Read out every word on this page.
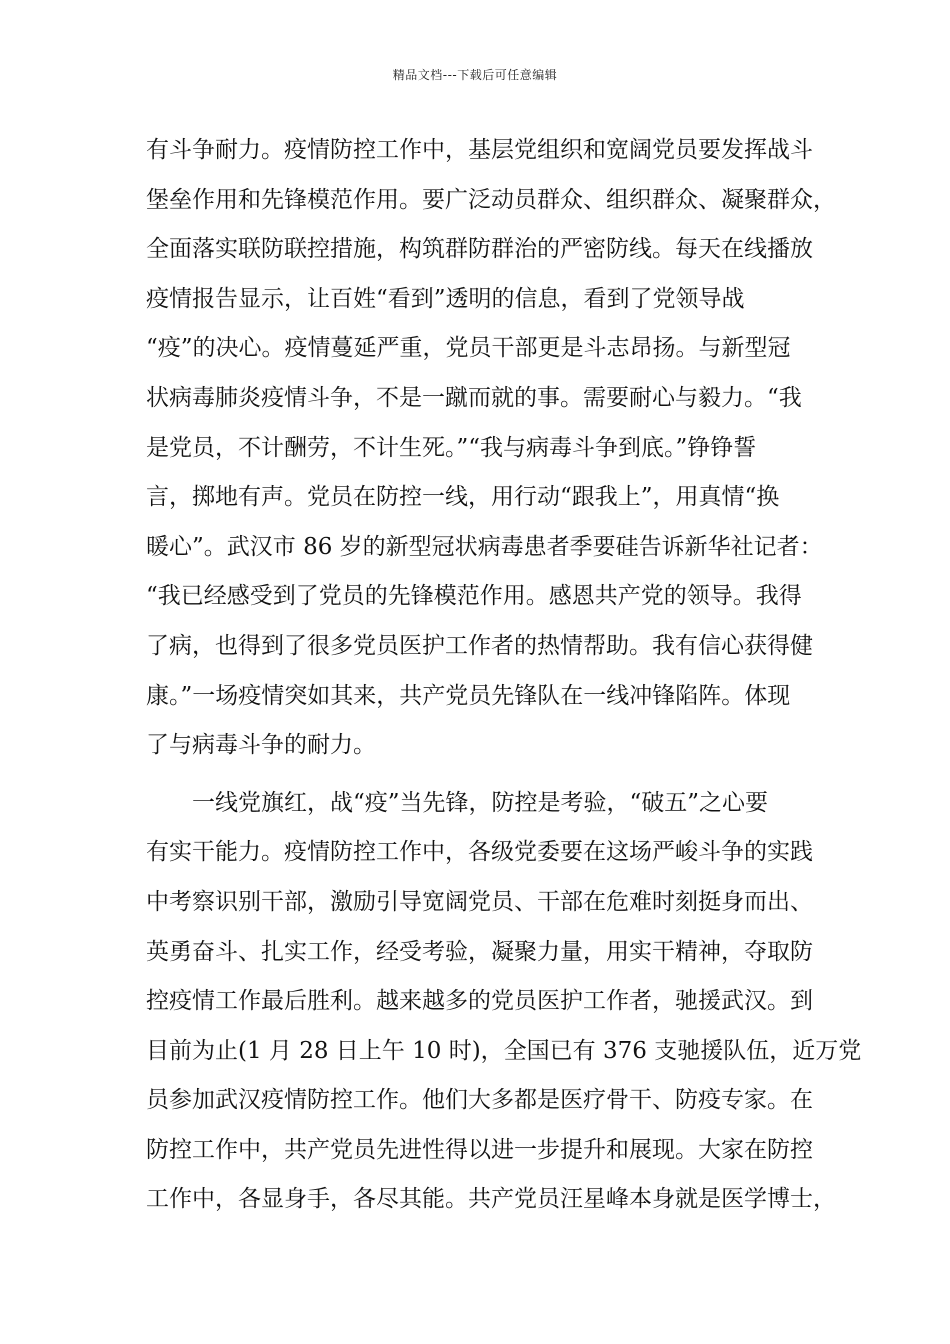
精品文档---下载后可任意编辑
有斗争耐力。疫情防控工作中，基层党组织和宽阔党员要发挥战斗
堡垒作用和先锋模范作用。要广泛动员群众、组织群众、凝聚群众，
全面落实联防联控措施，构筑群防群治的严密防线。每天在线播放
疫情报告显示，让百姓“看到”透明的信息，看到了党领导战
“疫”的决心。疫情蔓延严重，党员干部更是斗志昂扬。与新型冠
状病毒肺炎疫情斗争，不是一蹴而就的事。需要耐心与毅力。“我
是党员，不计酬劳，不计生死。”“我与病毒斗争到底。”铮铮誓
言，掷地有声。党员在防控一线，用行动“跟我上”，用真情“换
暖心”。武汉市 86 岁的新型冠状病毒患者季要硅告诉新华社记者：
“我已经感受到了党员的先锋模范作用。感恩共产党的领导。我得
了病，也得到了很多党员医护工作者的热情帮助。我有信心获得健
康。”一场疫情突如其来，共产党员先锋队在一线冲锋陷阵。体现
了与病毒斗争的耐力。
　　一线党旗红，战“疫”当先锋，防控是考验，“破五”之心要
有实干能力。疫情防控工作中，各级党委要在这场严峻斗争的实践
中考察识别干部，激励引导宽阔党员、干部在危难时刻挺身而出、
英勇奋斗、扎实工作，经受考验，凝聚力量，用实干精神，夺取防
控疫情工作最后胜利。越来越多的党员医护工作者，驰援武汉。到
目前为止(1 月 28 日上午 10 时)，全国已有 376 支驰援队伍，近万党
员参加武汉疫情防控工作。他们大多都是医疗骨干、防疫专家。在
防控工作中，共产党员先进性得以进一步提升和展现。大家在防控
工作中，各显身手，各尽其能。共产党员汪星峰本身就是医学博士，
